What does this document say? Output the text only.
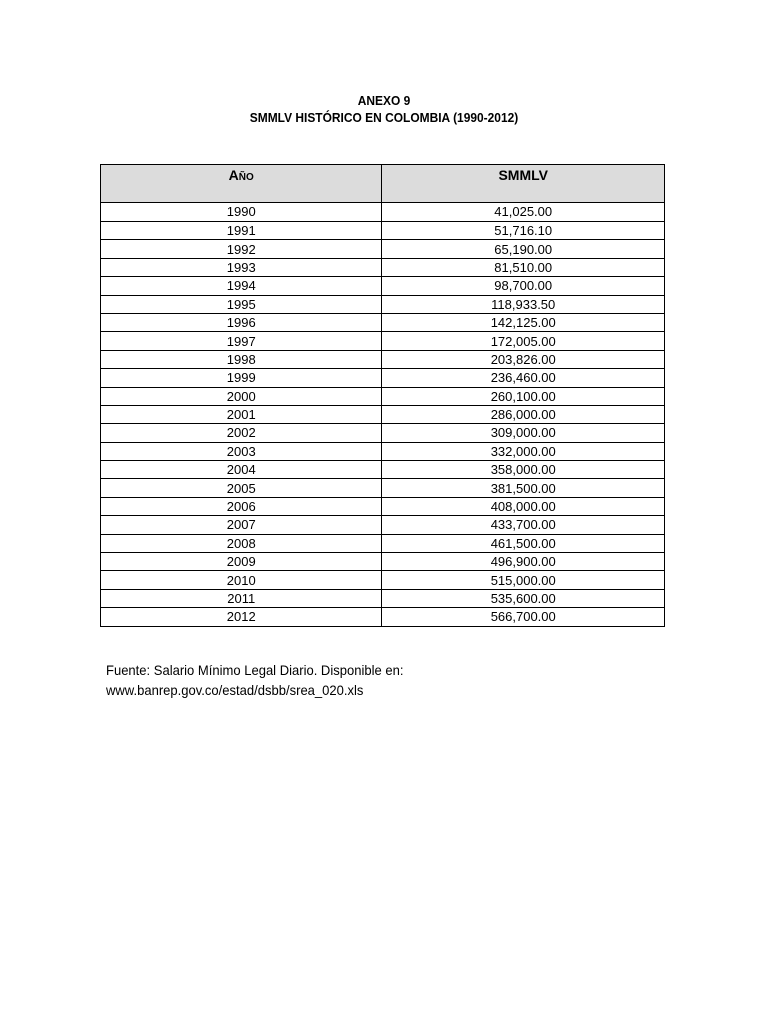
ANEXO 9
SMMLV HISTÓRICO EN COLOMBIA (1990-2012)
AÑO	SMMLV
1990	41,025.00
1991	51,716.10
1992	65,190.00
1993	81,510.00
1994	98,700.00
1995	118,933.50
1996	142,125.00
1997	172,005.00
1998	203,826.00
1999	236,460.00
2000	260,100.00
2001	286,000.00
2002	309,000.00
2003	332,000.00
2004	358,000.00
2005	381,500.00
2006	408,000.00
2007	433,700.00
2008	461,500.00
2009	496,900.00
2010	515,000.00
2011	535,600.00
2012	566,700.00
Fuente: Salario Mínimo Legal Diario. Disponible en:
www.banrep.gov.co/estad/dsbb/srea_020.xls
